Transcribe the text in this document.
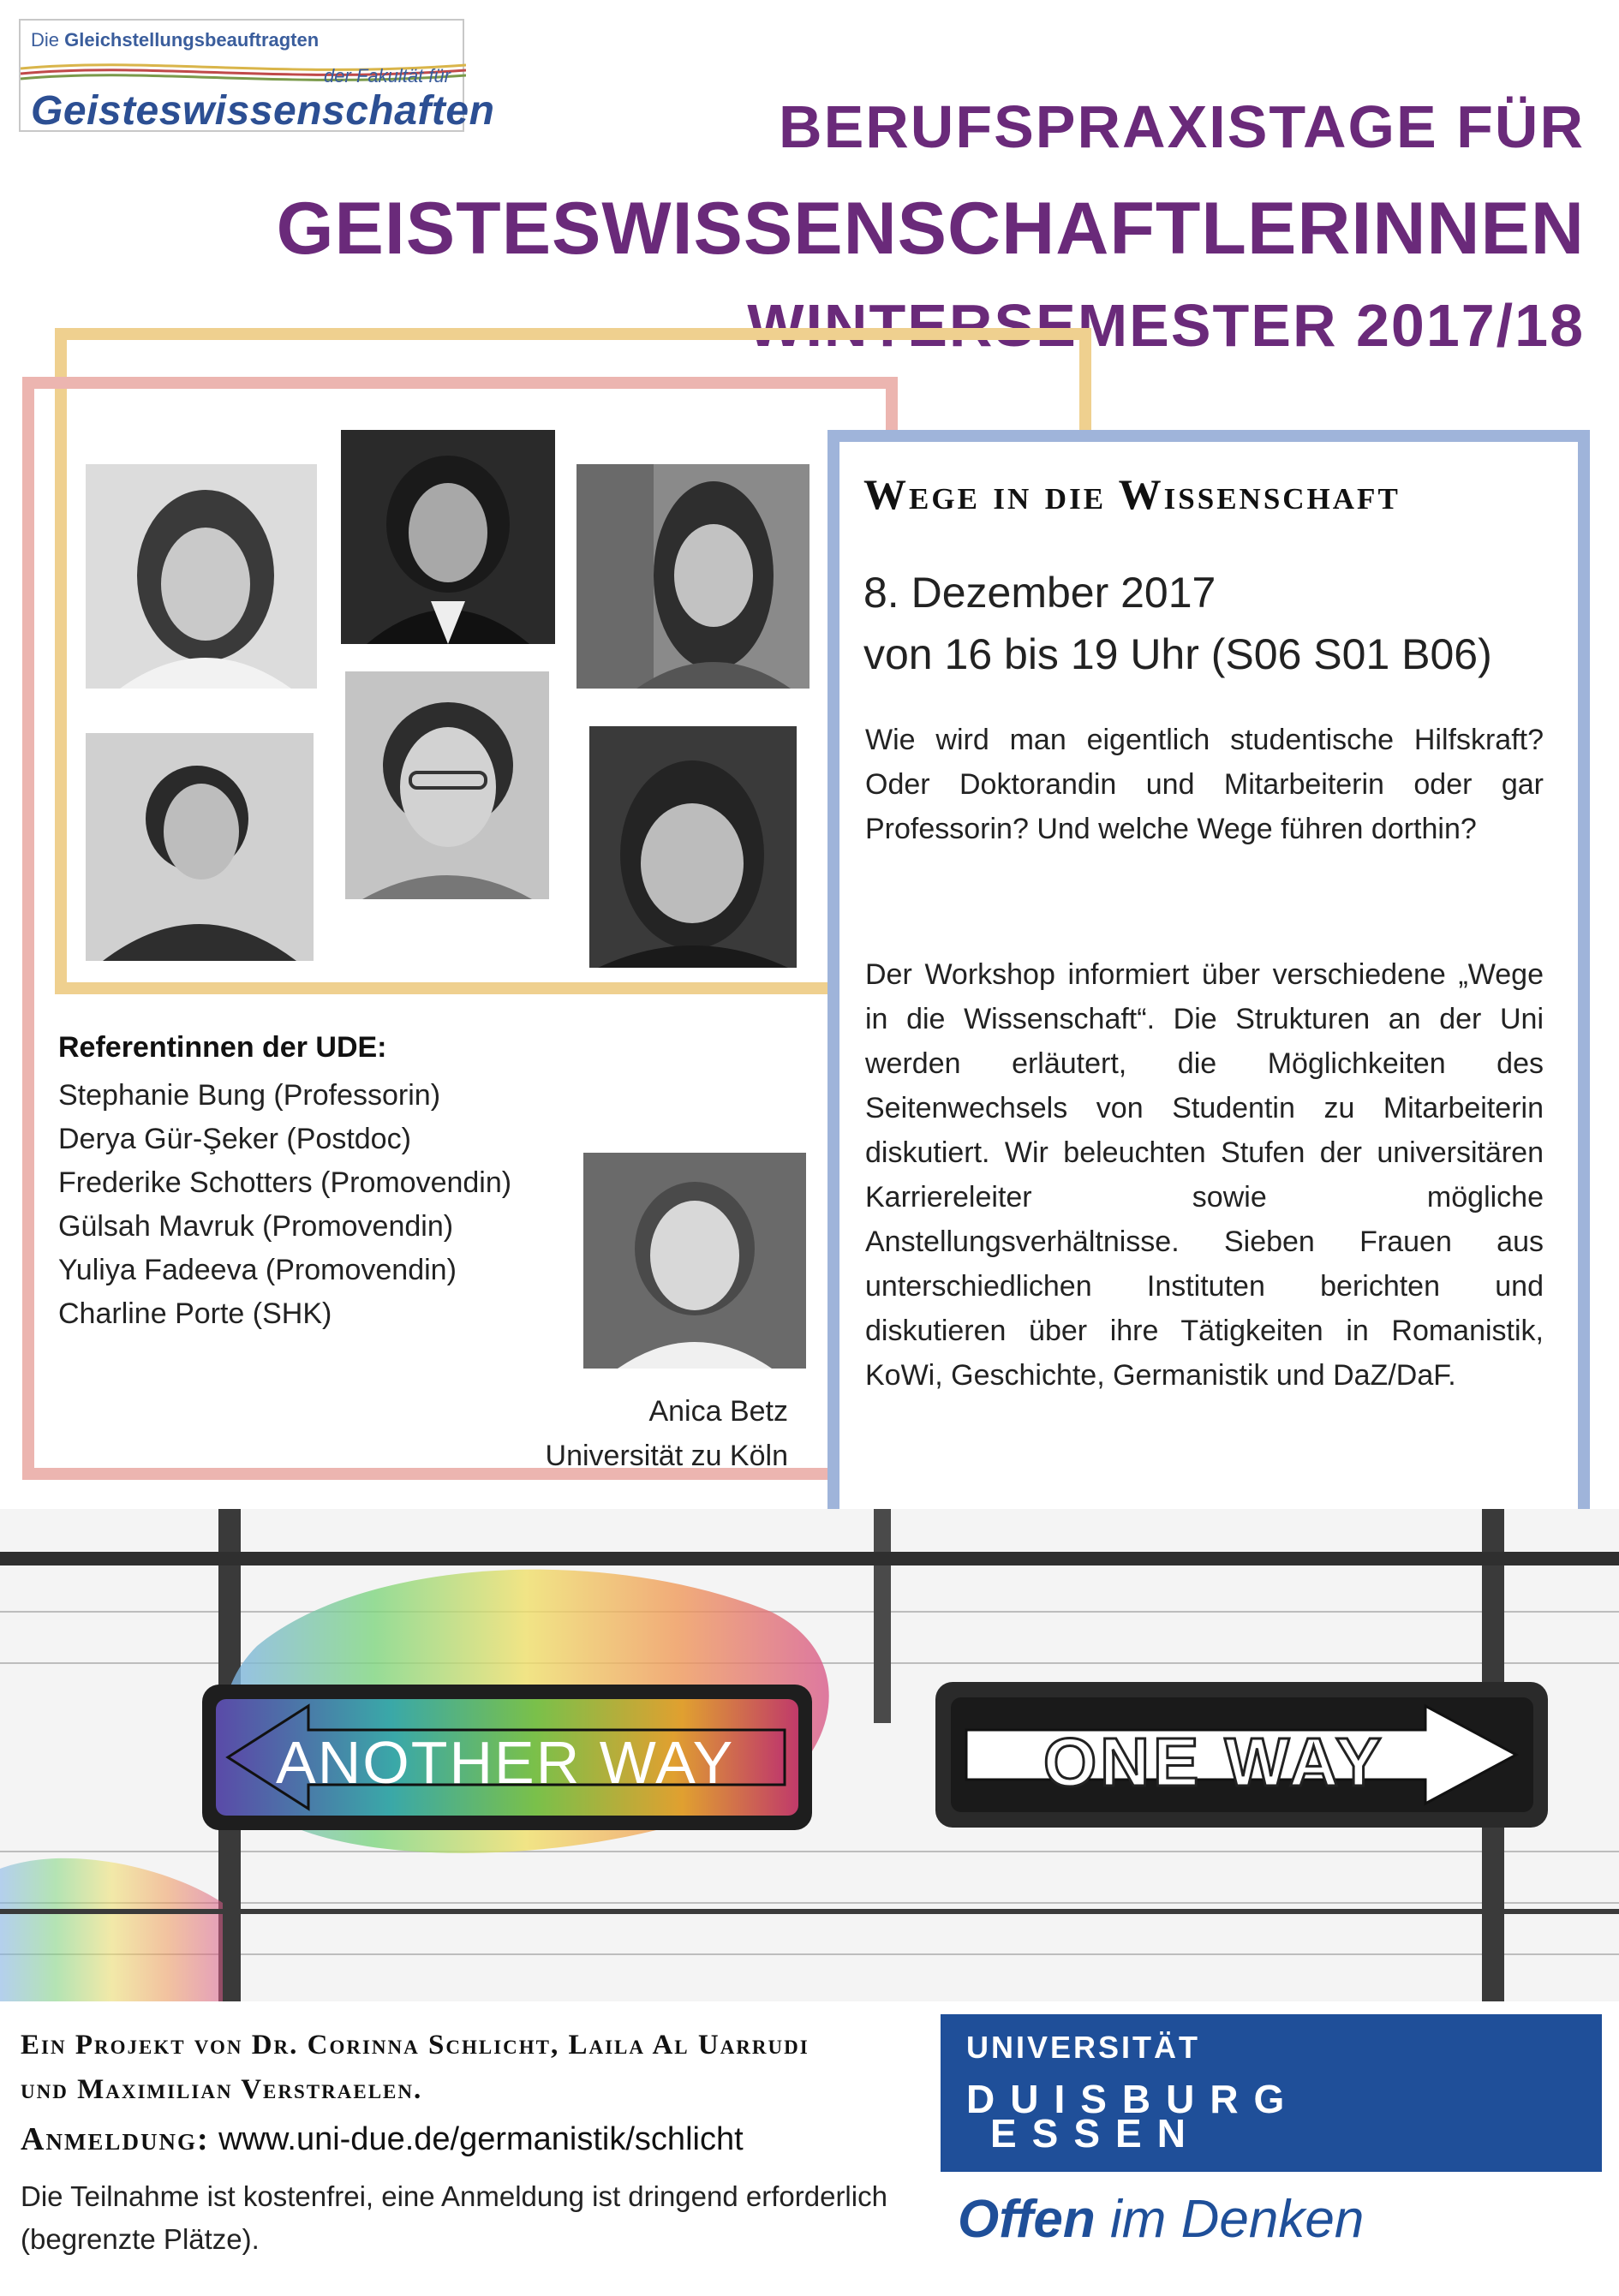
Die Gleichstellungsbeauftragten
der Fakultät für
Geisteswissenschaften	BERUFSPRAXISTAGE FÜR
GEISTESWISSENSCHAFTLERINNEN
WINTERSEMESTER 2017/18
Referentinnen der UDE:
Stephanie Bung (Professorin)
Derya Gür-Şeker (Postdoc)
Frederike Schotters (Promovendin)
Gülsah Mavruk (Promovendin)
Yuliya Fadeeva (Promovendin)
Charline Porte (SHK)
Anica Betz
Universität zu Köln
Wege in die Wissenschaft
8. Dezember 2017
von 16 bis 19 Uhr (S06 S01 B06)

Wie wird man eigentlich studentische Hilfskraft? Oder Doktorandin und Mitarbeiterin oder gar Professorin? Und welche Wege führen dorthin?

Der Workshop informiert über verschiedene „Wege in die Wissenschaft“. Die Strukturen an der Uni werden erläutert, die Möglichkeiten des Seitenwechsels von Studentin zu Mitarbeiterin diskutiert. Wir beleuchten Stufen der universitären Karriereleiter sowie mögliche Anstellungsverhältnisse. Sieben Frauen aus unterschiedlichen Instituten berichten und diskutieren über ihre Tätigkeiten in Romanistik, KoWi, Geschichte, Germanistik und DaZ/DaF.

ANOTHER WAY	ONE WAY
Ein Projekt von Dr. Corinna Schlicht, Laila Al Uarrudi
und Maximilian Verstraelen.
Anmeldung: www.uni-due.de/germanistik/schlicht
Die Teilnahme ist kostenfrei, eine Anmeldung ist dringend erforderlich (begrenzte Plätze).
UNIVERSITÄT
DUISBURG
ESSEN
Offen im Denken
